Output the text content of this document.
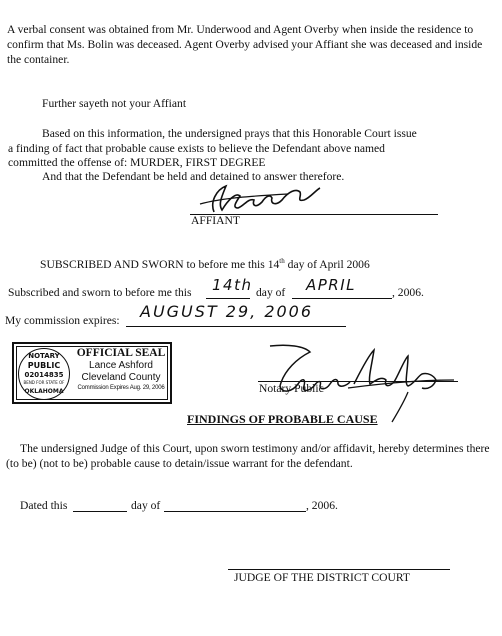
A verbal consent was obtained from Mr. Underwood and Agent Overby when inside the residence to confirm that Ms. Bolin was deceased. Agent Overby advised your Affiant she was deceased and inside the container.
Further sayeth not your Affiant
Based on this information, the undersigned prays that this Honorable Court issue
a finding of fact that probable cause exists to believe the Defendant above named
committed the offense of: MURDER, FIRST DEGREE
And that the Defendant be held and detained to answer therefore.
AFFIANT
SUBSCRIBED AND SWORN to before me this 14th day of April 2006
Subscribed and sworn to before me this 14th day of APRIL	, 2006.
My commission expires: AUGUST 29, 2006
NOTARY
PUBLIC
02014835
BEND FOR STATE OF
OKLAHOMA
OFFICIAL SEAL
Lance Ashford
Cleveland County
Commission Expires Aug. 29, 2006	Notary Public
FINDINGS OF PROBABLE CAUSE
The undersigned Judge of this Court, upon sworn testimony and/or affidavit, hereby determines there (to be) (not to be) probable cause to detain/issue warrant for the defendant.
Dated this	day of	, 2006.
JUDGE OF THE DISTRICT COURT
